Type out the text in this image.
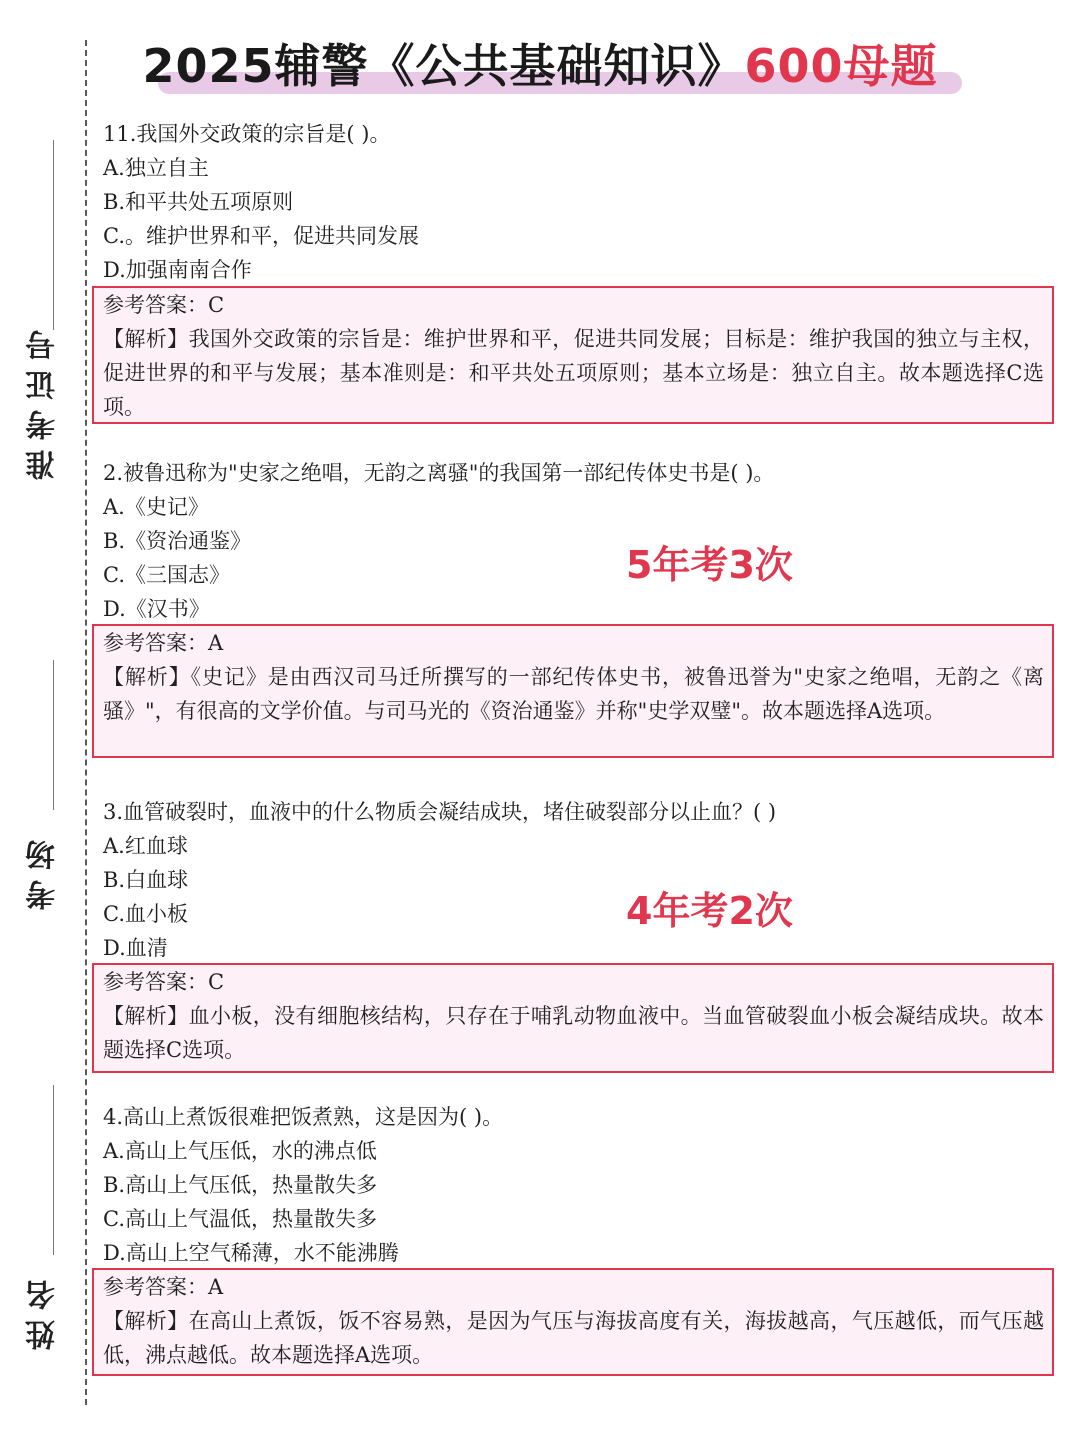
2025辅警《公共基础知识》600母题
准考证号
考场
姓名
11.我国外交政策的宗旨是( )。
A.独立自主
B.和平共处五项原则
C.。维护世界和平，促进共同发展
D.加强南南合作
参考答案：C
【解析】我国外交政策的宗旨是：维护世界和平，促进共同发展；目标是：维护我国的独立与主权，促进世界的和平与发展；基本准则是：和平共处五项原则；基本立场是：独立自主。故本题选择C选项。
2.被鲁迅称为"史家之绝唱，无韵之离骚"的我国第一部纪传体史书是( )。
A.《史记》
B.《资治通鉴》
C.《三国志》
D.《汉书》
5年考3次
参考答案：A
【解析】《史记》是由西汉司马迁所撰写的一部纪传体史书，被鲁迅誉为"史家之绝唱，无韵之《离骚》"，有很高的文学价值。与司马光的《资治通鉴》并称"史学双璧"。故本题选择A选项。
3.血管破裂时，血液中的什么物质会凝结成块，堵住破裂部分以止血？( )
A.红血球
B.白血球
C.血小板
D.血清
4年考2次
参考答案：C
【解析】血小板，没有细胞核结构，只存在于哺乳动物血液中。当血管破裂血小板会凝结成块。故本题选择C选项。
4.高山上煮饭很难把饭煮熟，这是因为( )。
A.高山上气压低，水的沸点低
B.高山上气压低，热量散失多
C.高山上气温低，热量散失多
D.高山上空气稀薄，水不能沸腾
参考答案：A
【解析】在高山上煮饭，饭不容易熟，是因为气压与海拔高度有关，海拔越高，气压越低，而气压越低，沸点越低。故本题选择A选项。
